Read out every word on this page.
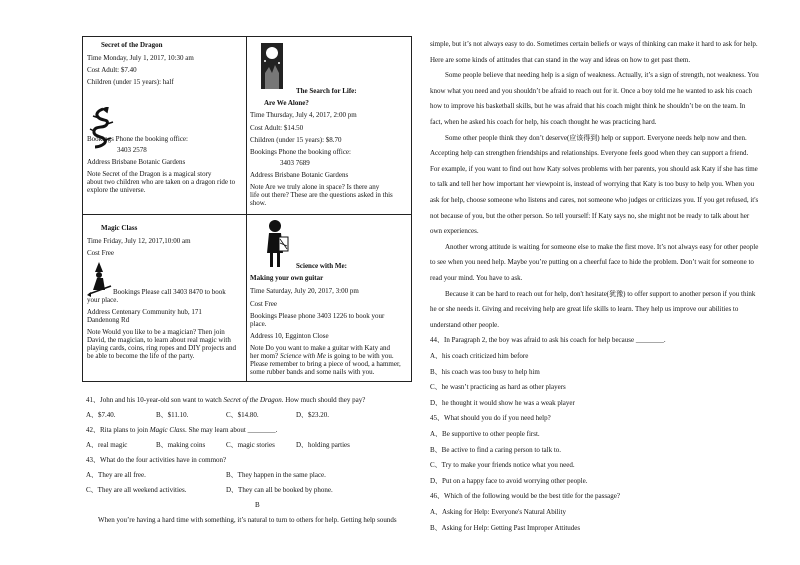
Secret of the Dragon
Time Monday, July 1, 2017, 10:30 am
Cost Adult: $7.40
Children (under 15 years): half
Bookings Phone the booking office:
3403 2578
Address Brisbane Botanic Gardens
Note Secret of the Dragon is a magical story
about two children who are taken on a dragon ride to
explore the universe.
The Search for Life:
Are We Alone?
Time Thursday, July 4, 2017, 2:00 pm
Cost Adult: $14.50
Children (under 15 years): $8.70
Bookings Phone the booking office:
3403 7689
Address Brisbane Botanic Gardens
Note Are we truly alone in space? Is there any
life out there? These are the questions asked in this
show.
Magic Class
Time Friday, July 12, 2017,10:00 am
Cost Free
Bookings Please call 3403 8470 to book
your place.
Address Centenary Community hub, 171
Dandenong Rd
Note Would you like to be a magician? Then join
David, the magician, to learn about real magic with
playing cards, coins, ring ropes and DIY projects and
be able to become the life of the party.
Science with Me:
Making your own guitar
Time Saturday, July 20, 2017, 3:00 pm
Cost Free
Bookings Please phone 3403 1226 to book your
place.
Address 10, Egginton Close
Note Do you want to make a guitar with Katy and
her mom? Science with Me is going to be with you.
Please remember to bring a piece of wood, a hammer,
some rubber bands and some nails with you.
41、John and his 10-year-old son want to watch Secret of the Dragon. How much should they pay?
A、$7.40.	B、$11.10.	C、$14.80.	D、$23.20.
42、Rita plans to join Magic Class. She may learn about ________.
A、real magic	B、making coins	C、magic stories	D、holding parties
43、What do the four activities have in common?
A、They are all free.	B、They happen in the same place.
C、They are all weekend activities.	D、They can all be booked by phone.
B
When you’re having a hard time with something, it’s natural to turn to others for help. Getting help sounds
simple, but it’s not always easy to do. Sometimes certain beliefs or ways of thinking can make it hard to ask for help.
Here are some kinds of attitudes that can stand in the way and ideas on how to get past them.
Some people believe that needing help is a sign of weakness. Actually, it’s a sign of strength, not weakness. You
know what you need and you shouldn’t be afraid to reach out for it. Once a boy told me he wanted to ask his coach
how to improve his basketball skills, but he was afraid that his coach might think he shouldn’t be on the team. In
fact, when he asked his coach for help, his coach thought he was practicing hard.
Some other people think they don’t deserve(应该得到) help or support. Everyone needs help now and then.
Accepting help can strengthen friendships and relationships. Everyone feels good when they can support a friend.
For example, if you want to find out how Katy solves problems with her parents, you should ask Katy if she has time
to talk and tell her how important her viewpoint is, instead of worrying that Katy is too busy to help you. When you
ask for help, choose someone who listens and cares, not someone who judges or criticizes you. If you get refused, it's
not because of you, but the other person. So tell yourself: If Katy says no, she might not be ready to talk about her
own experiences.
Another wrong attitude is waiting for someone else to make the first move. It’s not always easy for other people
to see when you need help. Maybe you’re putting on a cheerful face to hide the problem. Don’t wait for someone to
read your mind. You have to ask.
Because it can be hard to reach out for help, don't hesitate(犹豫) to offer support to another person if you think
he or she needs it. Giving and receiving help are great life skills to learn. They help us improve our abilities to
understand other people.
44、In Paragraph 2, the boy was afraid to ask his coach for help because ________.
A、his coach criticized him before
B、his coach was too busy to help him
C、he wasn’t practicing as hard as other players
D、he thought it would show he was a weak player
45、What should you do if you need help?
A、Be supportive to other people first.
B、Be active to find a caring person to talk to.
C、Try to make your friends notice what you need.
D、Put on a happy face to avoid worrying other people.
46、Which of the following would be the best title for the passage?
A、Asking for Help: Everyone's Natural Ability
B、Asking for Help: Getting Past Improper Attitudes
